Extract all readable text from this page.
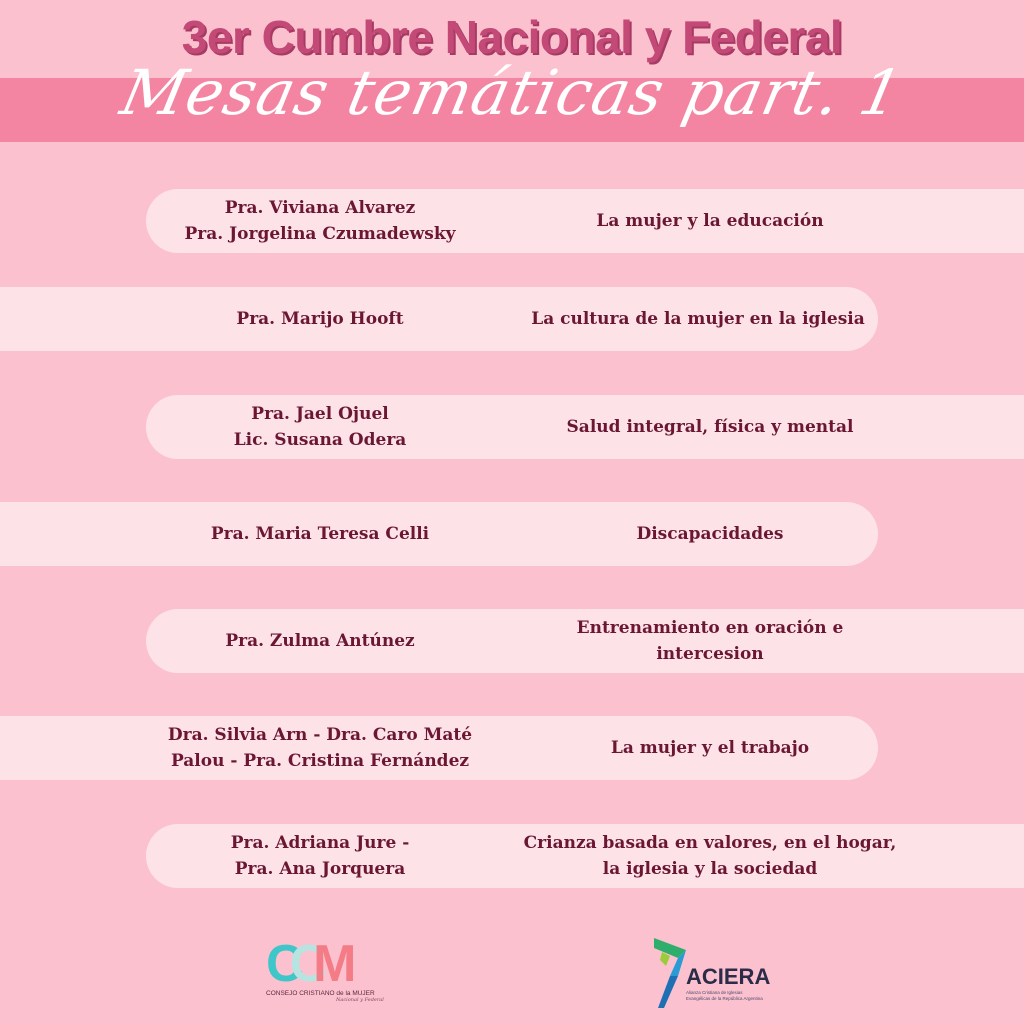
3er Cumbre Nacional y Federal
Mesas temáticas part. 1
Pra. Viviana Alvarez
Pra. Jorgelina Czumadewsky
La mujer y la educación
Pra. Marijo Hooft	La cultura de la mujer en la iglesia
Pra. Jael Ojuel
Lic. Susana Odera
Salud integral, física y mental
Pra. Maria Teresa Celli	Discapacidades
Pra. Zulma Antúnez
Entrenamiento en oración e
intercesion
Dra. Silvia Arn - Dra. Caro Maté
Palou - Pra. Cristina Fernández
La mujer y el trabajo
Pra. Adriana Jure -
Pra. Ana Jorquera
Crianza basada en valores, en el hogar,
la iglesia y la sociedad
CCM
CONSEJO CRISTIANO de la MUJER
Nacional y Federal
ACIERA
Alianza Cristiana de Iglesias Evangélicas de la República Argentina
